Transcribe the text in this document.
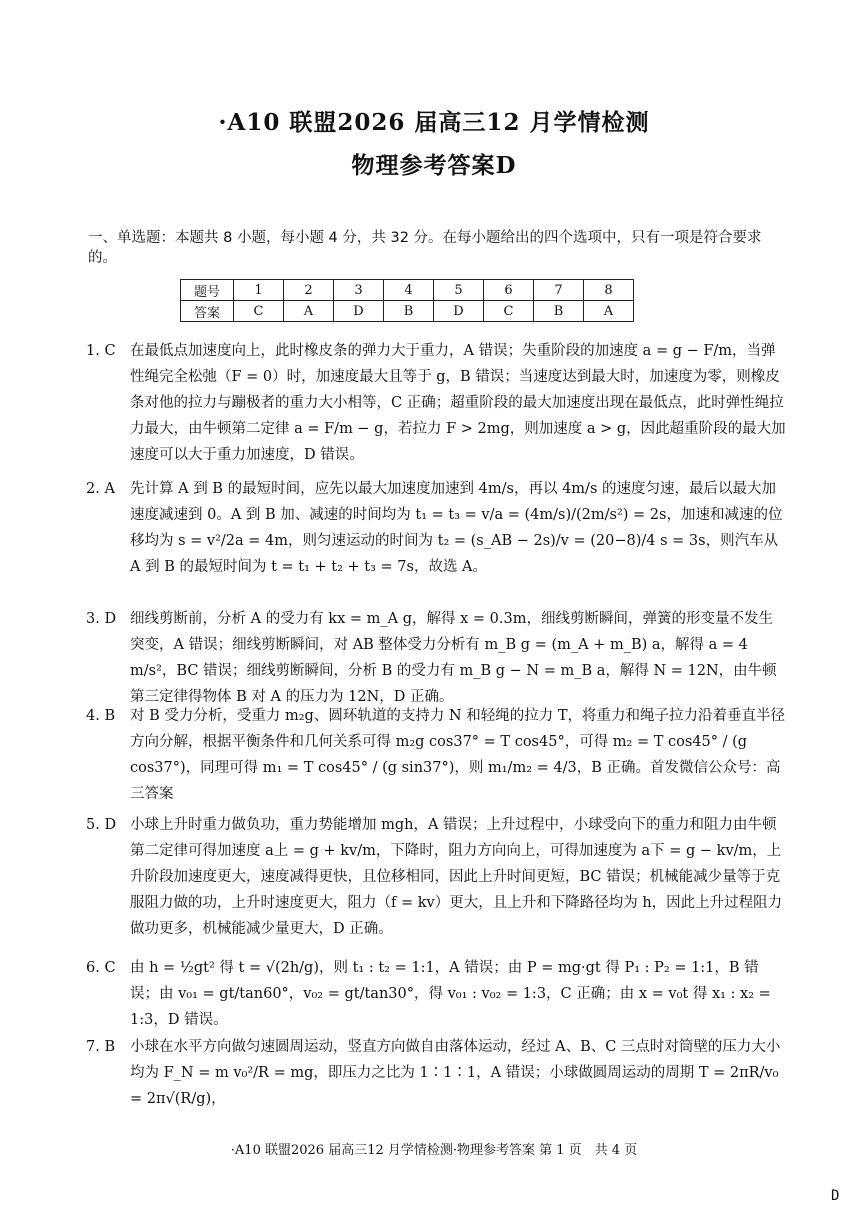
·A10 联盟2026 届高三12 月学情检测
物理参考答案D
一、单选题：本题共 8 小题，每小题 4 分，共 32 分。在每小题给出的四个选项中，只有一项是符合要求的。
题号	1	2	3	4	5	6	7	8
答案	C	A	D	B	D	C	B	A
1. C 在最低点加速度向上，此时橡皮条的弹力大于重力，A 错误；失重阶段的加速度 a = g − F/m，当弹性绳完全松弛（F = 0）时，加速度最大且等于 g，B 错误；当速度达到最大时，加速度为零，则橡皮条对他的拉力与蹦极者的重力大小相等，C 正确；超重阶段的最大加速度出现在最低点，此时弹性绳拉力最大，由牛顿第二定律 a = F/m − g，若拉力 F > 2mg，则加速度 a > g，因此超重阶段的最大加速度可以大于重力加速度，D 错误。
2. A	先计算 A 到 B 的最短时间，应先以最大加速度加速到 4m/s，再以 4m/s 的速度匀速，最后以最大加速度减速到 0。A 到 B 加、减速的时间均为 t₁ = t₃ = v/a = (4m/s)/(2m/s²) = 2s，加速和减速的位移均为 s = v²/2a = 4m，则匀速运动的时间为 t₂ = (s_AB − 2s)/v = (20−8)/4 s = 3s，则汽车从 A 到 B 的最短时间为 t = t₁ + t₂ + t₃ = 7s，故选 A。
3. D 细线剪断前，分析 A 的受力有 kx = m_A g，解得 x = 0.3m，细线剪断瞬间，弹簧的形变量不发生突变，A 错误；细线剪断瞬间，对 AB 整体受力分析有 m_B g = (m_A + m_B) a，解得 a = 4 m/s²，BC 错误；细线剪断瞬间，分析 B 的受力有 m_B g − N = m_B a，解得 N = 12N，由牛顿第三定律得物体 B 对 A 的压力为 12N，D 正确。
4. B	对 B 受力分析，受重力 m₂g、圆环轨道的支持力 N 和轻绳的拉力 T，将重力和绳子拉力沿着垂直半径方向分解，根据平衡条件和几何关系可得 m₂g cos37° = T cos45°，可得 m₂ = T cos45° / (g cos37°)，同理可得 m₁ = T cos45° / (g sin37°)，则 m₁/m₂ = 4/3，B 正确。首发微信公众号：高三答案
5. D 小球上升时重力做负功，重力势能增加 mgh，A 错误；上升过程中，小球受向下的重力和阻力由牛顿第二定律可得加速度 a上 = g + kv/m，下降时，阻力方向向上，可得加速度为 a下 = g − kv/m，上升阶段加速度更大，速度减得更快，且位移相同，因此上升时间更短，BC 错误；机械能减少量等于克服阻力做的功，上升时速度更大，阻力（f = kv）更大，且上升和下降路径均为 h，因此上升过程阻力做功更多，机械能减少量更大，D 正确。
6. C 由 h = ½gt² 得 t = √(2h/g)，则 t₁ : t₂ = 1:1，A 错误；由 P = mg·gt 得 P₁ : P₂ = 1:1，B 错误；由 v₀₁ = gt/tan60°，v₀₂ = gt/tan30°，得 v₀₁ : v₀₂ = 1:3，C 正确；由 x = v₀t 得 x₁ : x₂ = 1:3，D 错误。
7. B	小球在水平方向做匀速圆周运动，竖直方向做自由落体运动，经过 A、B、C 三点时对筒壁的压力大小均为 F_N = m v₀²/R = mg，即压力之比为 1∶1∶1，A 错误；小球做圆周运动的周期 T = 2πR/v₀ = 2π√(R/g)，
·A10 联盟2026 届高三12 月学情检测·物理参考答案 第 1 页　共 4 页
D
